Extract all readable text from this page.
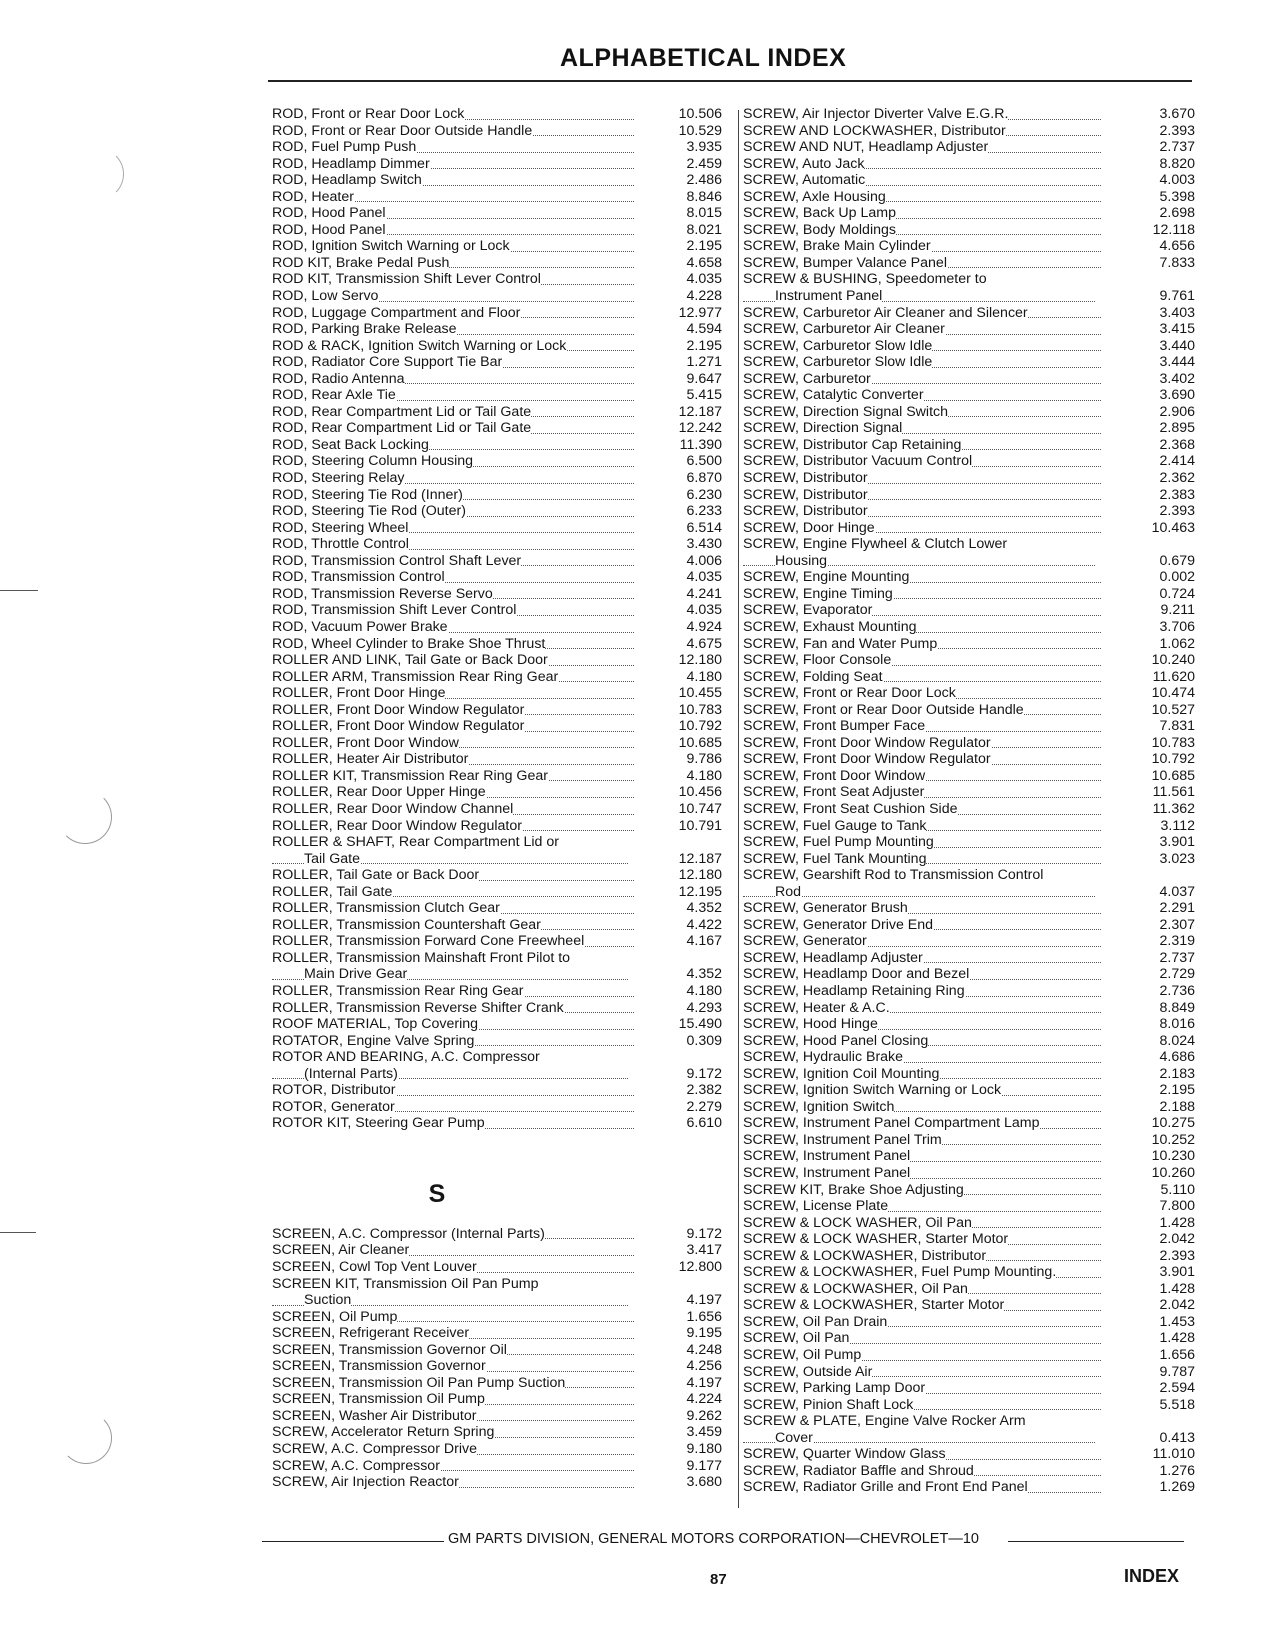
ALPHABETICAL INDEX
ROD, Front or Rear Door Lock	10.506
ROD, Front or Rear Door Outside Handle	10.529
ROD, Fuel Pump Push	3.935
ROD, Headlamp Dimmer	2.459
ROD, Headlamp Switch	2.486
ROD, Heater	8.846
ROD, Hood Panel	8.015
ROD, Hood Panel	8.021
ROD, Ignition Switch Warning or Lock	2.195
ROD KIT, Brake Pedal Push	4.658
ROD KIT, Transmission Shift Lever Control	4.035
ROD, Low Servo	4.228
ROD, Luggage Compartment and Floor	12.977
ROD, Parking Brake Release	4.594
ROD & RACK, Ignition Switch Warning or Lock	2.195
ROD, Radiator Core Support Tie Bar	1.271
ROD, Radio Antenna	9.647
ROD, Rear Axle Tie	5.415
ROD, Rear Compartment Lid or Tail Gate	12.187
ROD, Rear Compartment Lid or Tail Gate	12.242
ROD, Seat Back Locking	11.390
ROD, Steering Column Housing	6.500
ROD, Steering Relay	6.870
ROD, Steering Tie Rod (Inner)	6.230
ROD, Steering Tie Rod (Outer)	6.233
ROD, Steering Wheel	6.514
ROD, Throttle Control	3.430
ROD, Transmission Control Shaft Lever	4.006
ROD, Transmission Control	4.035
ROD, Transmission Reverse Servo	4.241
ROD, Transmission Shift Lever Control	4.035
ROD, Vacuum Power Brake	4.924
ROD, Wheel Cylinder to Brake Shoe Thrust	4.675
ROLLER AND LINK, Tail Gate or Back Door	12.180
ROLLER ARM, Transmission Rear Ring Gear	4.180
ROLLER, Front Door Hinge	10.455
ROLLER, Front Door Window Regulator	10.783
ROLLER, Front Door Window Regulator	10.792
ROLLER, Front Door Window	10.685
ROLLER, Heater Air Distributor	9.786
ROLLER KIT, Transmission Rear Ring Gear	4.180
ROLLER, Rear Door Upper Hinge	10.456
ROLLER, Rear Door Window Channel	10.747
ROLLER, Rear Door Window Regulator	10.791
ROLLER & SHAFT, Rear Compartment Lid or
Tail Gate	12.187
ROLLER, Tail Gate or Back Door	12.180
ROLLER, Tail Gate	12.195
ROLLER, Transmission Clutch Gear	4.352
ROLLER, Transmission Countershaft Gear	4.422
ROLLER, Transmission Forward Cone Freewheel	4.167
ROLLER, Transmission Mainshaft Front Pilot to
Main Drive Gear	4.352
ROLLER, Transmission Rear Ring Gear	4.180
ROLLER, Transmission Reverse Shifter Crank	4.293
ROOF MATERIAL, Top Covering	15.490
ROTATOR, Engine Valve Spring	0.309
ROTOR AND BEARING, A.C. Compressor
(Internal Parts)	9.172
ROTOR, Distributor	2.382
ROTOR, Generator	2.279
ROTOR KIT, Steering Gear Pump	6.610
S
SCREEN, A.C. Compressor (Internal Parts)	9.172
SCREEN, Air Cleaner	3.417
SCREEN, Cowl Top Vent Louver	12.800
SCREEN KIT, Transmission Oil Pan Pump
Suction	4.197
SCREEN, Oil Pump	1.656
SCREEN, Refrigerant Receiver	9.195
SCREEN, Transmission Governor Oil	4.248
SCREEN, Transmission Governor	4.256
SCREEN, Transmission Oil Pan Pump Suction	4.197
SCREEN, Transmission Oil Pump	4.224
SCREEN, Washer Air Distributor	9.262
SCREW, Accelerator Return Spring	3.459
SCREW, A.C. Compressor Drive	9.180
SCREW, A.C. Compressor	9.177
SCREW, Air Injection Reactor	3.680
SCREW, Air Injector Diverter Valve E.G.R.	3.670
SCREW AND LOCKWASHER, Distributor	2.393
SCREW AND NUT, Headlamp Adjuster	2.737
SCREW, Auto Jack	8.820
SCREW, Automatic	4.003
SCREW, Axle Housing	5.398
SCREW, Back Up Lamp	2.698
SCREW, Body Moldings	12.118
SCREW, Brake Main Cylinder	4.656
SCREW, Bumper Valance Panel	7.833
SCREW & BUSHING, Speedometer to
Instrument Panel	9.761
SCREW, Carburetor Air Cleaner and Silencer	3.403
SCREW, Carburetor Air Cleaner	3.415
SCREW, Carburetor Slow Idle	3.440
SCREW, Carburetor Slow Idle	3.444
SCREW, Carburetor	3.402
SCREW, Catalytic Converter	3.690
SCREW, Direction Signal Switch	2.906
SCREW, Direction Signal	2.895
SCREW, Distributor Cap Retaining	2.368
SCREW, Distributor Vacuum Control	2.414
SCREW, Distributor	2.362
SCREW, Distributor	2.383
SCREW, Distributor	2.393
SCREW, Door Hinge	10.463
SCREW, Engine Flywheel & Clutch Lower
Housing	0.679
SCREW, Engine Mounting	0.002
SCREW, Engine Timing	0.724
SCREW, Evaporator	9.211
SCREW, Exhaust Mounting	3.706
SCREW, Fan and Water Pump	1.062
SCREW, Floor Console	10.240
SCREW, Folding Seat	11.620
SCREW, Front or Rear Door Lock	10.474
SCREW, Front or Rear Door Outside Handle	10.527
SCREW, Front Bumper Face	7.831
SCREW, Front Door Window Regulator	10.783
SCREW, Front Door Window Regulator	10.792
SCREW, Front Door Window	10.685
SCREW, Front Seat Adjuster	11.561
SCREW, Front Seat Cushion Side	11.362
SCREW, Fuel Gauge to Tank	3.112
SCREW, Fuel Pump Mounting	3.901
SCREW, Fuel Tank Mounting	3.023
SCREW, Gearshift Rod to Transmission Control
Rod	4.037
SCREW, Generator Brush	2.291
SCREW, Generator Drive End	2.307
SCREW, Generator	2.319
SCREW, Headlamp Adjuster	2.737
SCREW, Headlamp Door and Bezel	2.729
SCREW, Headlamp Retaining Ring	2.736
SCREW, Heater & A.C.	8.849
SCREW, Hood Hinge	8.016
SCREW, Hood Panel Closing	8.024
SCREW, Hydraulic Brake	4.686
SCREW, Ignition Coil Mounting	2.183
SCREW, Ignition Switch Warning or Lock	2.195
SCREW, Ignition Switch	2.188
SCREW, Instrument Panel Compartment Lamp	10.275
SCREW, Instrument Panel Trim	10.252
SCREW, Instrument Panel	10.230
SCREW, Instrument Panel	10.260
SCREW KIT, Brake Shoe Adjusting	5.110
SCREW, License Plate	7.800
SCREW & LOCK WASHER, Oil Pan	1.428
SCREW & LOCK WASHER, Starter Motor	2.042
SCREW & LOCKWASHER, Distributor	2.393
SCREW & LOCKWASHER, Fuel Pump Mounting.	3.901
SCREW & LOCKWASHER, Oil Pan	1.428
SCREW & LOCKWASHER, Starter Motor	2.042
SCREW, Oil Pan Drain	1.453
SCREW, Oil Pan	1.428
SCREW, Oil Pump	1.656
SCREW, Outside Air	9.787
SCREW, Parking Lamp Door	2.594
SCREW, Pinion Shaft Lock	5.518
SCREW & PLATE, Engine Valve Rocker Arm
Cover	0.413
SCREW, Quarter Window Glass	11.010
SCREW, Radiator Baffle and Shroud	1.276
SCREW, Radiator Grille and Front End Panel	1.269
GM PARTS DIVISION, GENERAL MOTORS CORPORATION—CHEVROLET—10
87	INDEX
